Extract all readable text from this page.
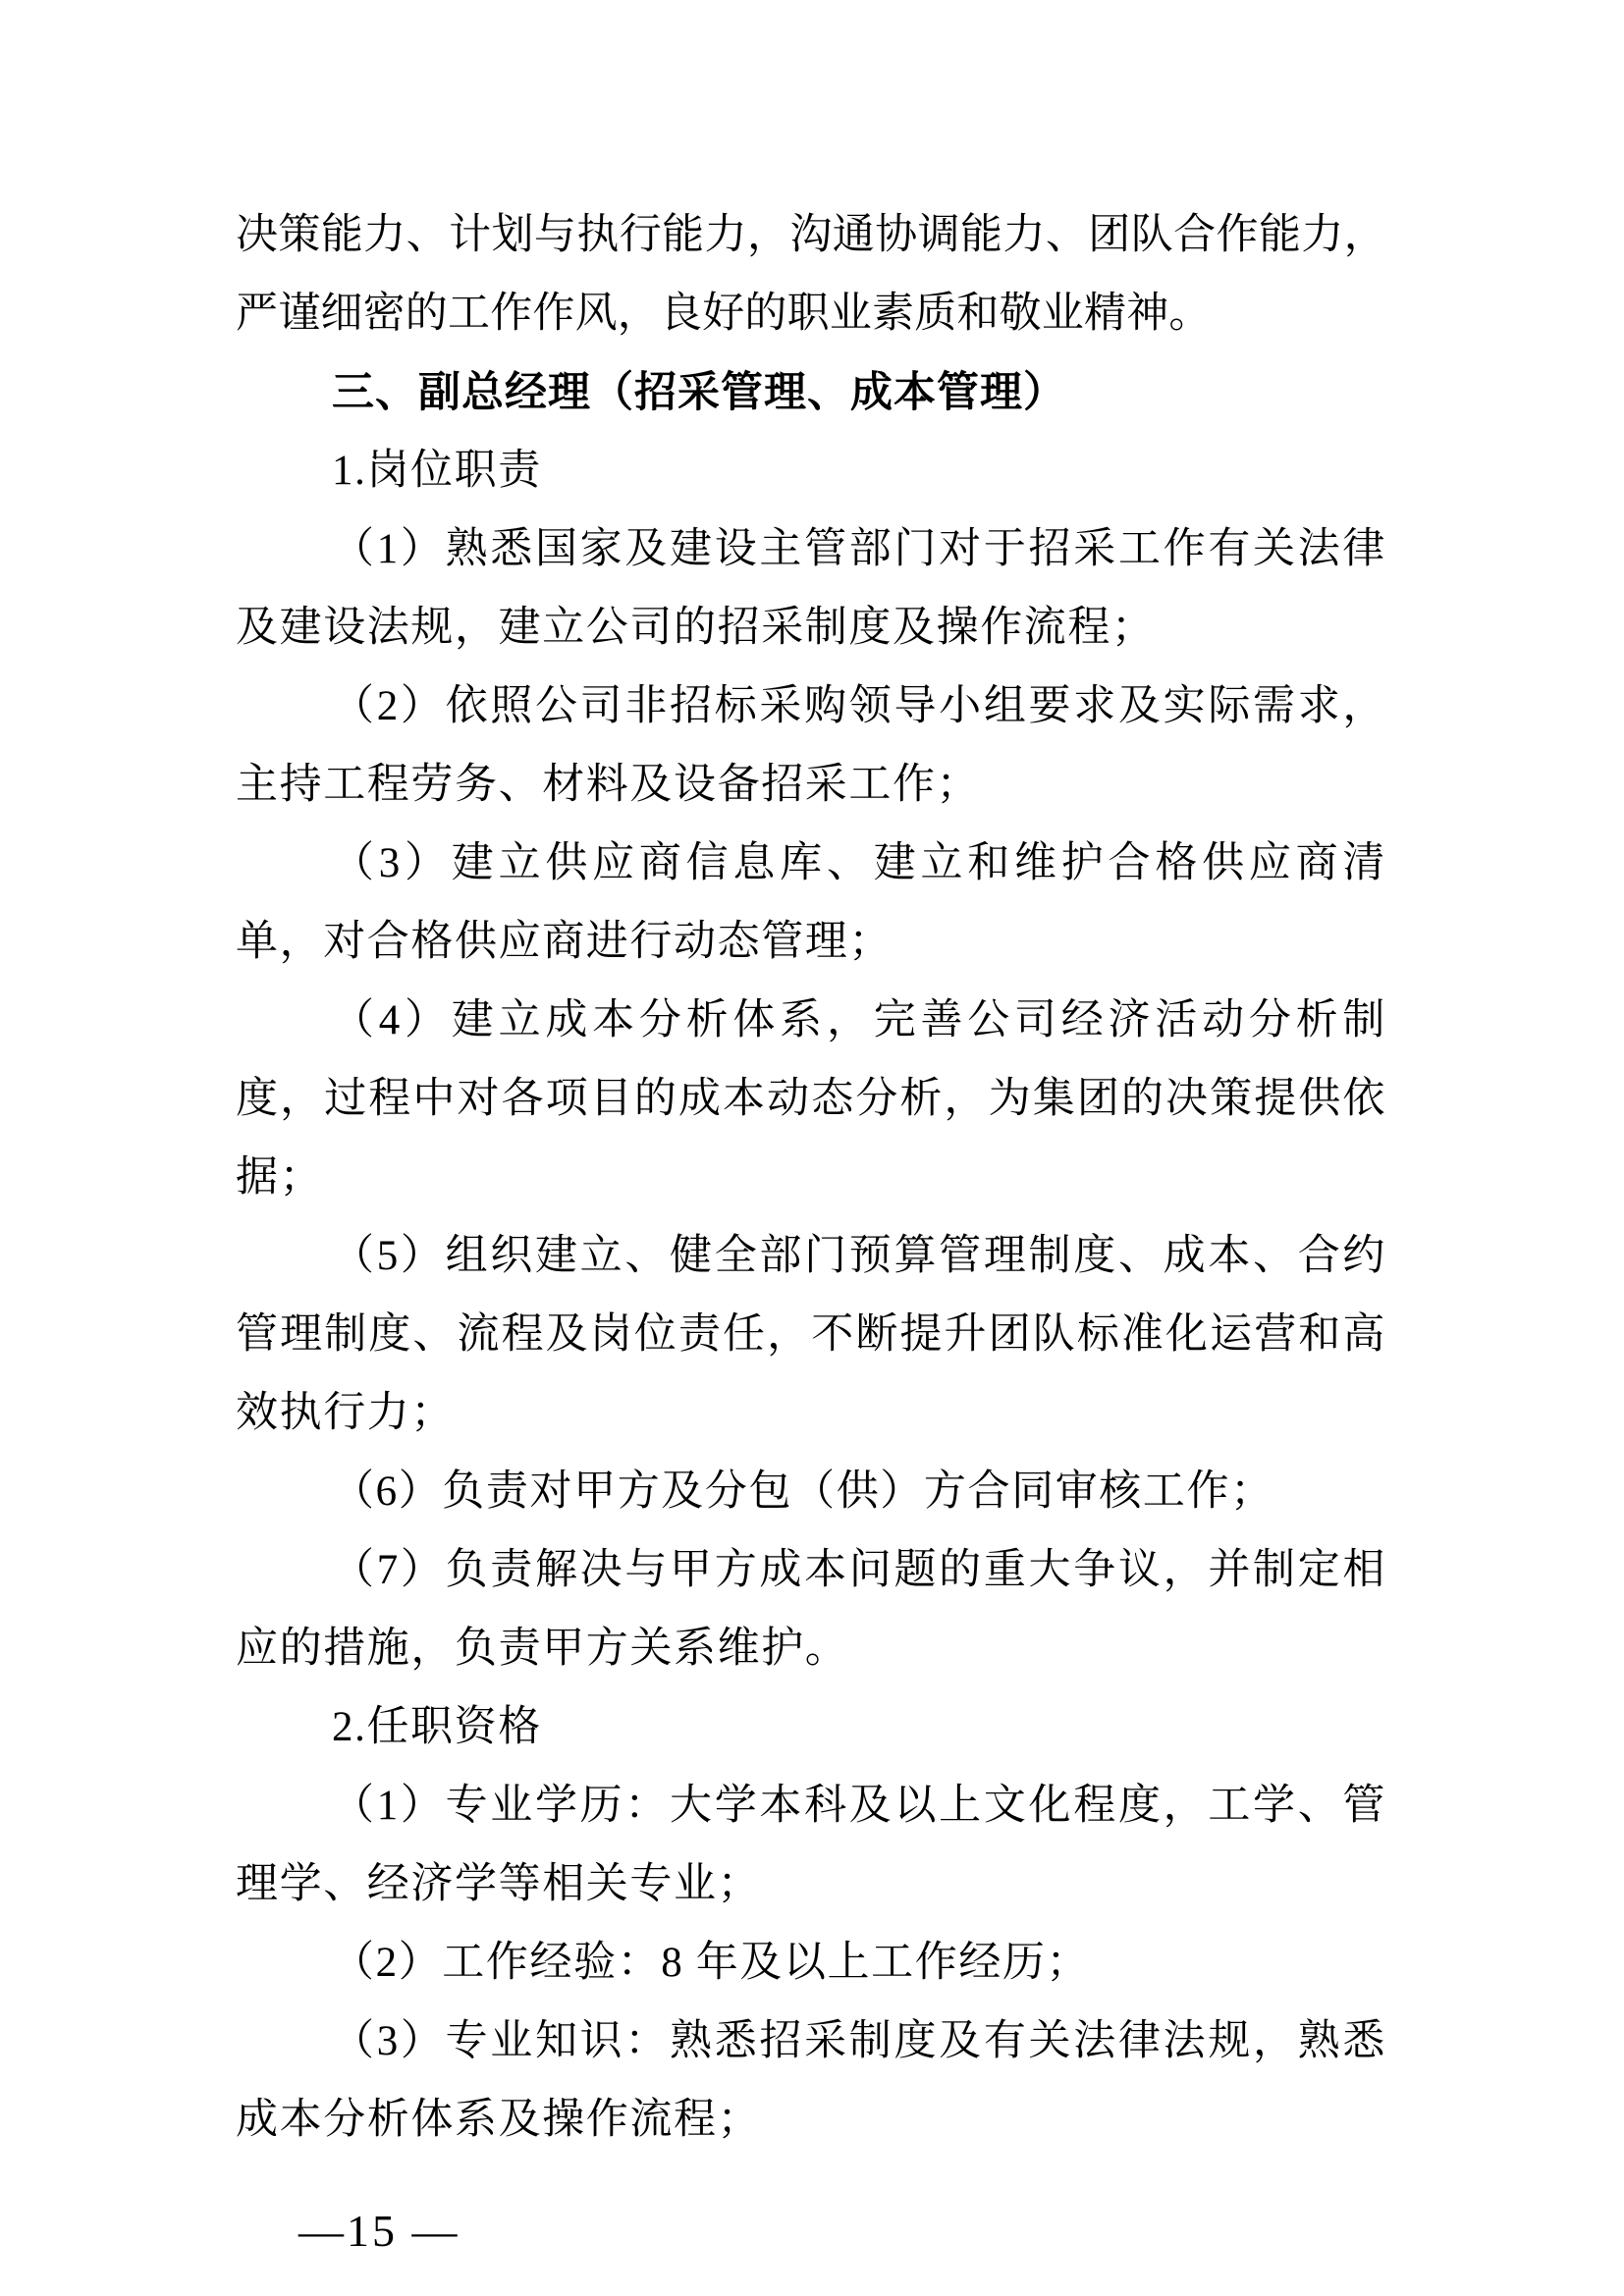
决策能力、计划与执行能力，沟通协调能力、团队合作能力，严谨细密的工作作风，良好的职业素质和敬业精神。

三、副总经理（招采管理、成本管理）

1.岗位职责

（1）熟悉国家及建设主管部门对于招采工作有关法律及建设法规，建立公司的招采制度及操作流程；

（2）依照公司非招标采购领导小组要求及实际需求，主持工程劳务、材料及设备招采工作；

（3）建立供应商信息库、建立和维护合格供应商清单，对合格供应商进行动态管理；

（4）建立成本分析体系，完善公司经济活动分析制度，过程中对各项目的成本动态分析，为集团的决策提供依据；

（5）组织建立、健全部门预算管理制度、成本、合约管理制度、流程及岗位责任，不断提升团队标准化运营和高效执行力；

（6）负责对甲方及分包（供）方合同审核工作；

（7）负责解决与甲方成本问题的重大争议，并制定相应的措施，负责甲方关系维护。

2.任职资格

（1）专业学历：大学本科及以上文化程度，工学、管理学、经济学等相关专业；

（2）工作经验：8 年及以上工作经历；

（3）专业知识：熟悉招采制度及有关法律法规，熟悉成本分析体系及操作流程；

—15 —
